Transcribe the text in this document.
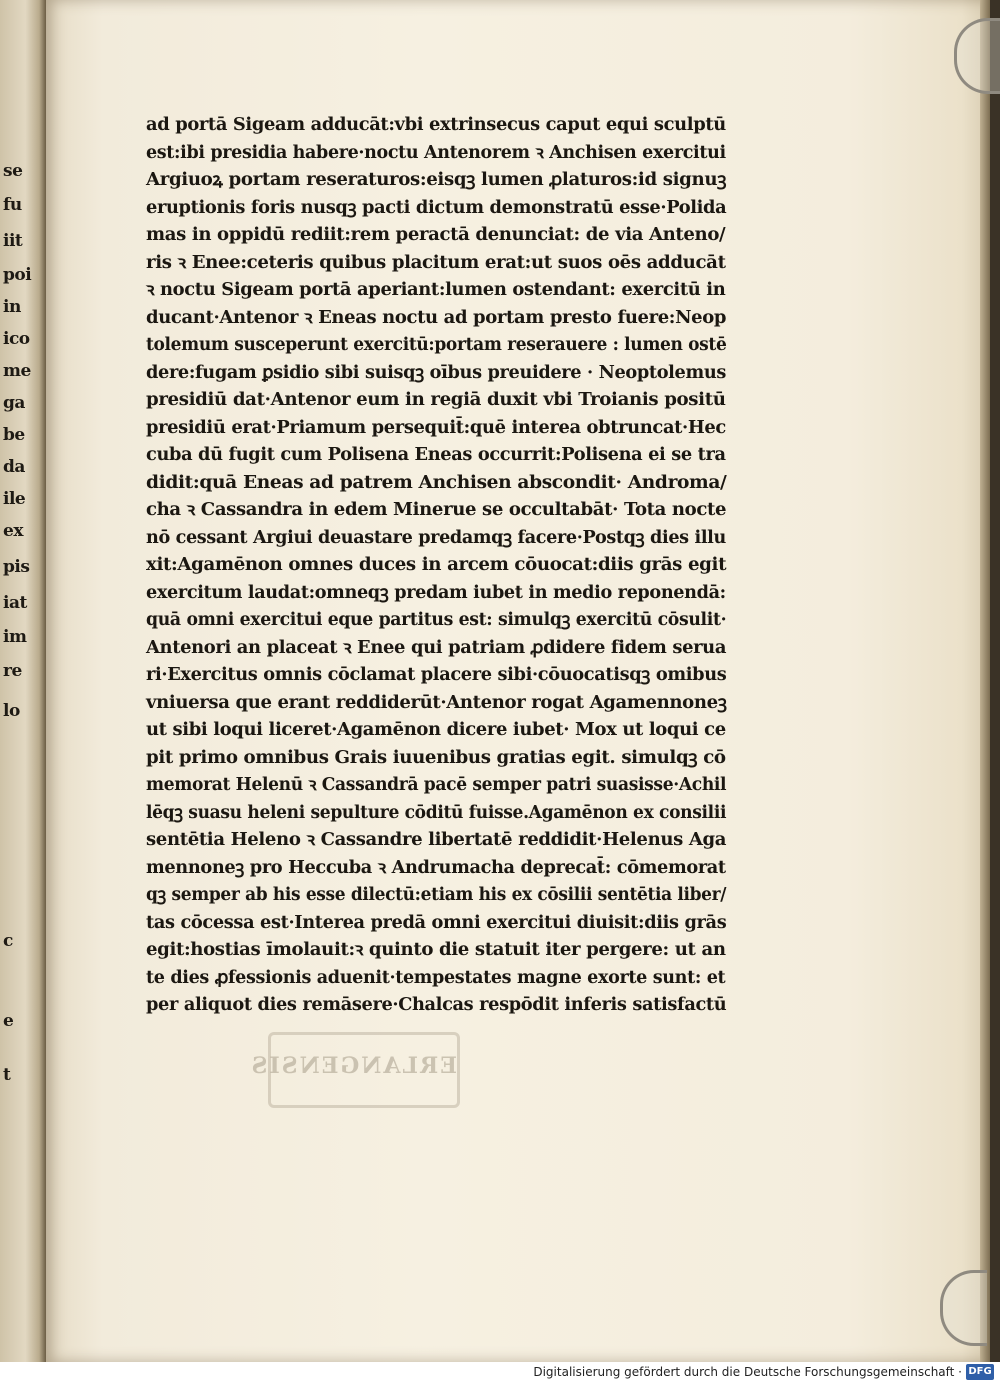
se
fu
iit
poi
in
ico
me
ga
be
da
ile
ex
pis
iat
im
re
lo
c
e
t	ERLANGENSIS
ad portā Sigeam adducāt:vbi extrinsecus caput equi sculptū
est:ibi presidia habere·noctu Antenorem ꝛ Anchisen exercitui
Argiuoꝝ portam reseraturos:eisqꝫ lumen ꝓlaturos:id signuꝫ
eruptionis foris nusqꝫ pacti dictum demonstratū esse·Polida
mas in oppidū rediit:rem peractā denunciat: de via Anteno/
ris ꝛ Enee:ceteris quibus placitum erat:ut suos oēs adducāt
ꝛ noctu Sigeam portā aperiant:lumen ostendant: exercitū in
ducant·Antenor ꝛ Eneas noctu ad portam presto fuere:Neop
tolemum susceperunt exercitū:portam reserauere : lumen ostē
dere:fugam ꝑsidio sibi suisqꝫ oībus preuidere · Neoptolemus
presidiū dat·Antenor eum in regiā duxit vbi Troianis positū
presidiū erat·Priamum persequit̄:quē interea obtruncat·Hec
cuba dū fugit cum Polisena Eneas occurrit:Polisena ei se tra
didit:quā Eneas ad patrem Anchisen abscondit· Androma/
cha ꝛ Cassandra in edem Minerue se occultabāt· Tota nocte
nō cessant Argiui deuastare predamqꝫ facere·Postqꝫ dies illu
xit:Agamēnon omnes duces in arcem cōuocat:diis grās egit
exercitum laudat:omneqꝫ predam iubet in medio reponendā:
quā omni exercitui eque partitus est: simulqꝫ exercitū cōsulit·
Antenori an placeat ꝛ Enee qui patriam ꝓdidere fidem serua
ri·Exercitus omnis cōclamat placere sibi·cōuocatisqꝫ omibus
vniuersa que erant reddiderūt·Antenor rogat Agamennoneꝫ
ut sibi loqui liceret·Agamēnon dicere iubet· Mox ut loqui ce
pit primo omnibus Grais iuuenibus gratias egit. simulqꝫ cō
memorat Helenū ꝛ Cassandrā pacē semper patri suasisse·Achil
lēqꝫ suasu heleni sepulture cōditū fuisse.Agamēnon ex consilii
sentētia Heleno ꝛ Cassandre libertatē reddidit·Helenus Aga
mennoneꝫ pro Heccuba ꝛ Andrumacha deprecat̄: cōmemorat
qꝫ semper ab his esse dilectū:etiam his ex cōsilii sentētia liber/
tas cōcessa est·Interea predā omni exercitui diuisit:diis grās
egit:hostias īmolauit:ꝛ quinto die statuit iter pergere: ut an
te dies ꝓfessionis aduenit·tempestates magne exorte sunt: et
per aliquot dies remāsere·Chalcas respōdit inferis satisfactū
Digitalisierung gefördert durch die Deutsche Forschungsgemeinschaft · DFG
